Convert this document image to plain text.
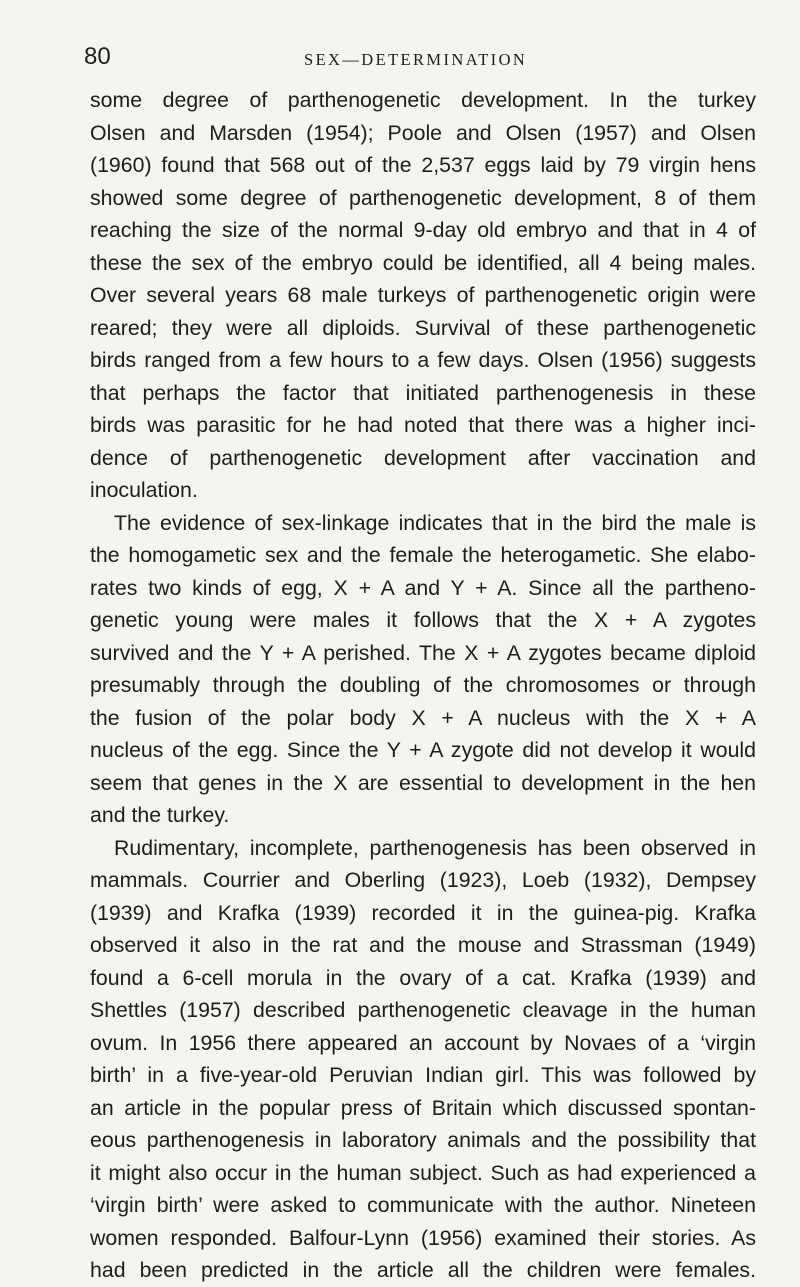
80	SEX—DETERMINATION
some degree of parthenogenetic development. In the turkey
Olsen and Marsden (1954); Poole and Olsen (1957) and Olsen
(1960) found that 568 out of the 2,537 eggs laid by 79 virgin hens
showed some degree of parthenogenetic development, 8 of them
reaching the size of the normal 9-day old embryo and that in 4 of
these the sex of the embryo could be identified, all 4 being males.
Over several years 68 male turkeys of parthenogenetic origin were
reared; they were all diploids. Survival of these parthenogenetic
birds ranged from a few hours to a few days. Olsen (1956) suggests
that perhaps the factor that initiated parthenogenesis in these
birds was parasitic for he had noted that there was a higher inci-
dence of parthenogenetic development after vaccination and
inoculation.
The evidence of sex-linkage indicates that in the bird the male is
the homogametic sex and the female the heterogametic. She elabo-
rates two kinds of egg, X + A and Y + A. Since all the partheno-
genetic young were males it follows that the X + A zygotes
survived and the Y + A perished. The X + A zygotes became diploid
presumably through the doubling of the chromosomes or through
the fusion of the polar body X + A nucleus with the X + A
nucleus of the egg. Since the Y + A zygote did not develop it would
seem that genes in the X are essential to development in the hen
and the turkey.
Rudimentary, incomplete, parthenogenesis has been observed in
mammals. Courrier and Oberling (1923), Loeb (1932), Dempsey
(1939) and Krafka (1939) recorded it in the guinea-pig. Krafka
observed it also in the rat and the mouse and Strassman (1949)
found a 6-cell morula in the ovary of a cat. Krafka (1939) and
Shettles (1957) described parthenogenetic cleavage in the human
ovum. In 1956 there appeared an account by Novaes of a ‘virgin
birth’ in a five-year-old Peruvian Indian girl. This was followed by
an article in the popular press of Britain which discussed spontan-
eous parthenogenesis in laboratory animals and the possibility that
it might also occur in the human subject. Such as had experienced a
‘virgin birth’ were asked to communicate with the author. Nineteen
women responded. Balfour-Lynn (1956) examined their stories. As
had been predicted in the article all the children were females.
